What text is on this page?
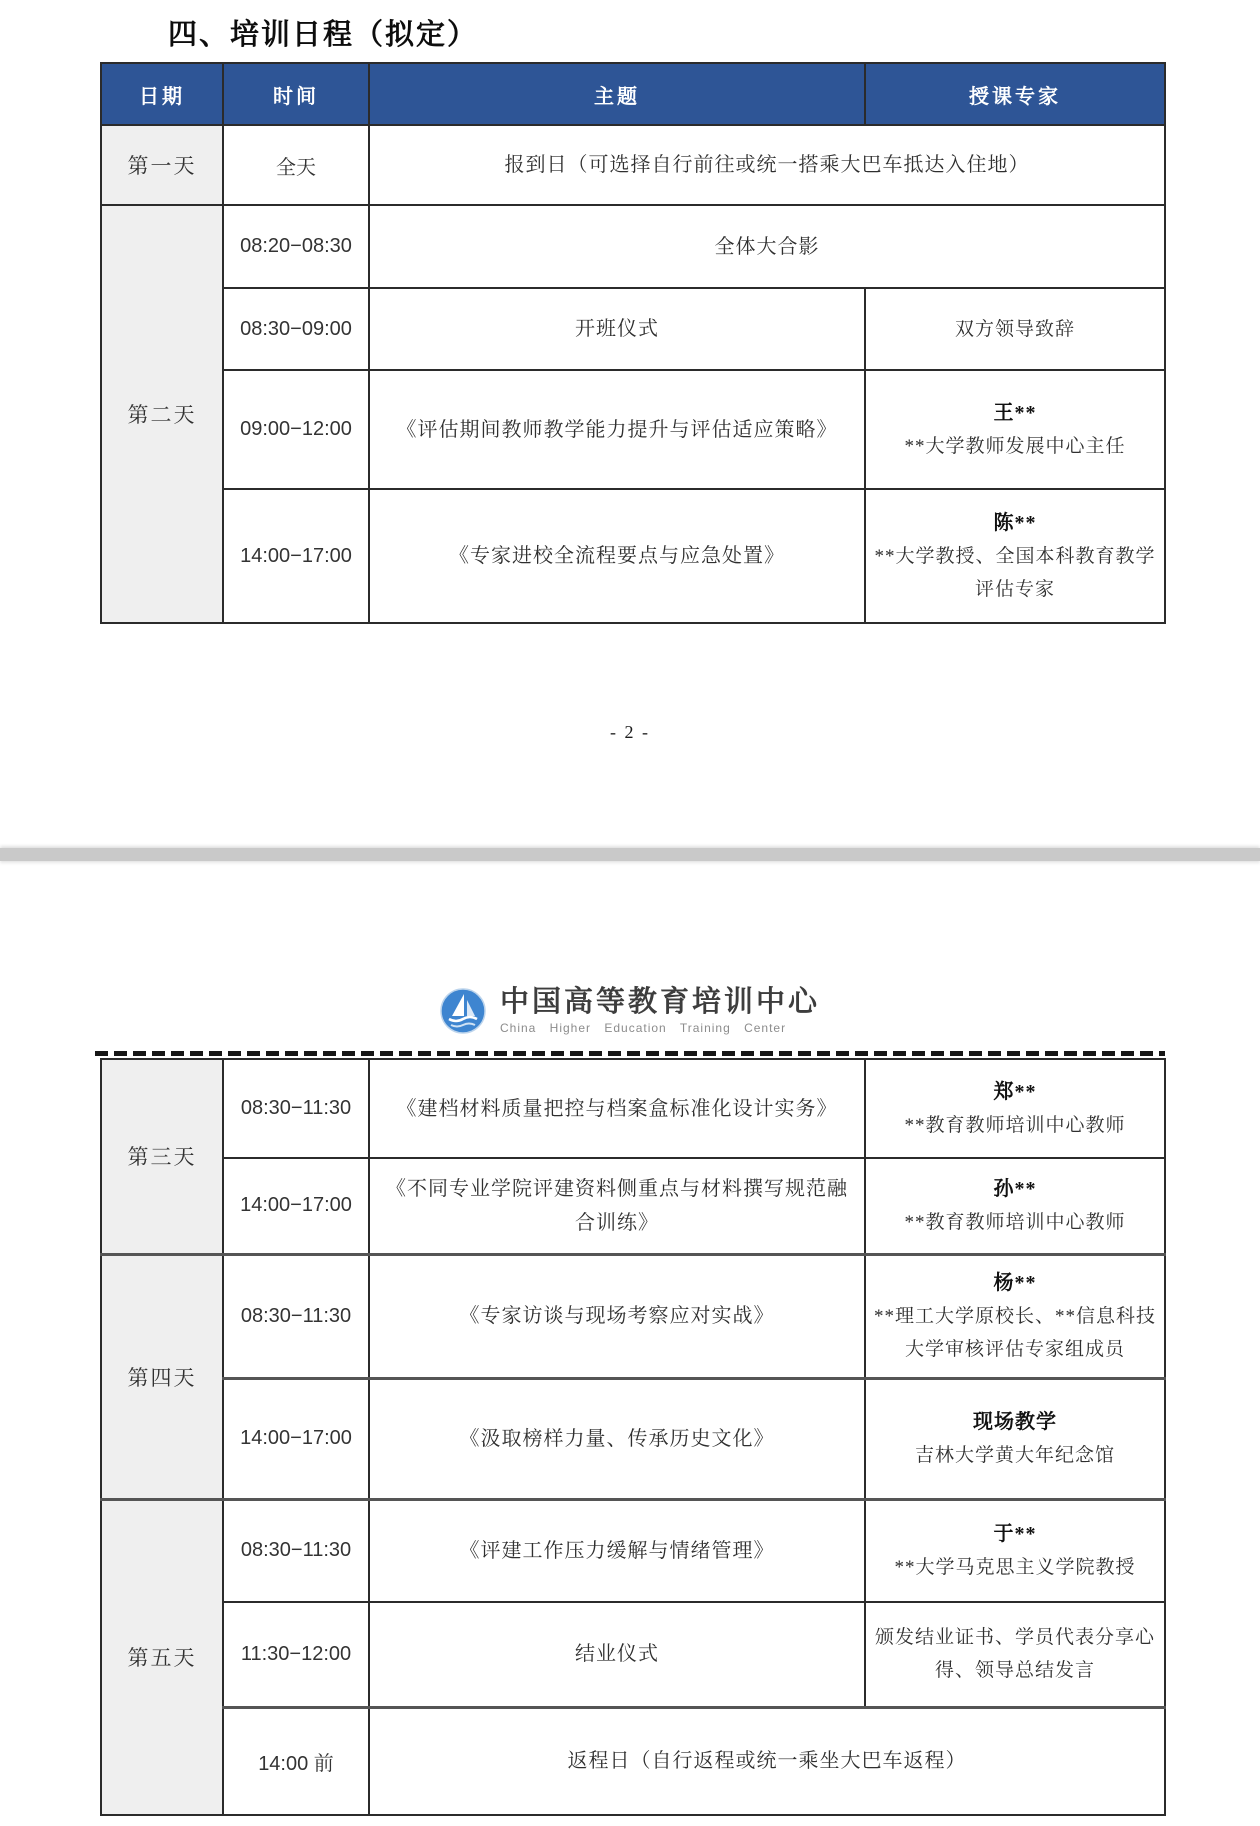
四、培训日程（拟定）
日期	时间	主题	授课专家
第一天	全天	报到日（可选择自行前往或统一搭乘大巴车抵达入住地）	
第二天	08:20−08:30	全体大合影	
	08:30−09:00	开班仪式	双方领导致辞

	09:00−12:00	《评估期间教师教学能力提升与评估适应策略》	王**
**大学教师发展中心主任

	14:00−17:00	《专家进校全流程要点与应急处置》	陈**
**大学教授、全国本科教育教学评估专家
- 2 -
中国高等教育培训中心
China Higher Education Training Center
第三天	08:30−11:30	《建档材料质量把控与档案盒标准化设计实务》	郑**
**教育教师培训中心教师

	14:00−17:00	《不同专业学院评建资料侧重点与材料撰写规范融合训练》	孙**
**教育教师培训中心教师

第四天	08:30−11:30	《专家访谈与现场考察应对实战》	杨**
**理工大学原校长、**信息科技大学审核评估专家组成员

	14:00−17:00	《汲取榜样力量、传承历史文化》	现场教学
吉林大学黄大年纪念馆

第五天	08:30−11:30	《评建工作压力缓解与情绪管理》	于**
**大学马克思主义学院教授

	11:30−12:00	结业仪式	颁发结业证书、学员代表分享心得、领导总结发言

	14:00 前	返程日（自行返程或统一乘坐大巴车返程）	
